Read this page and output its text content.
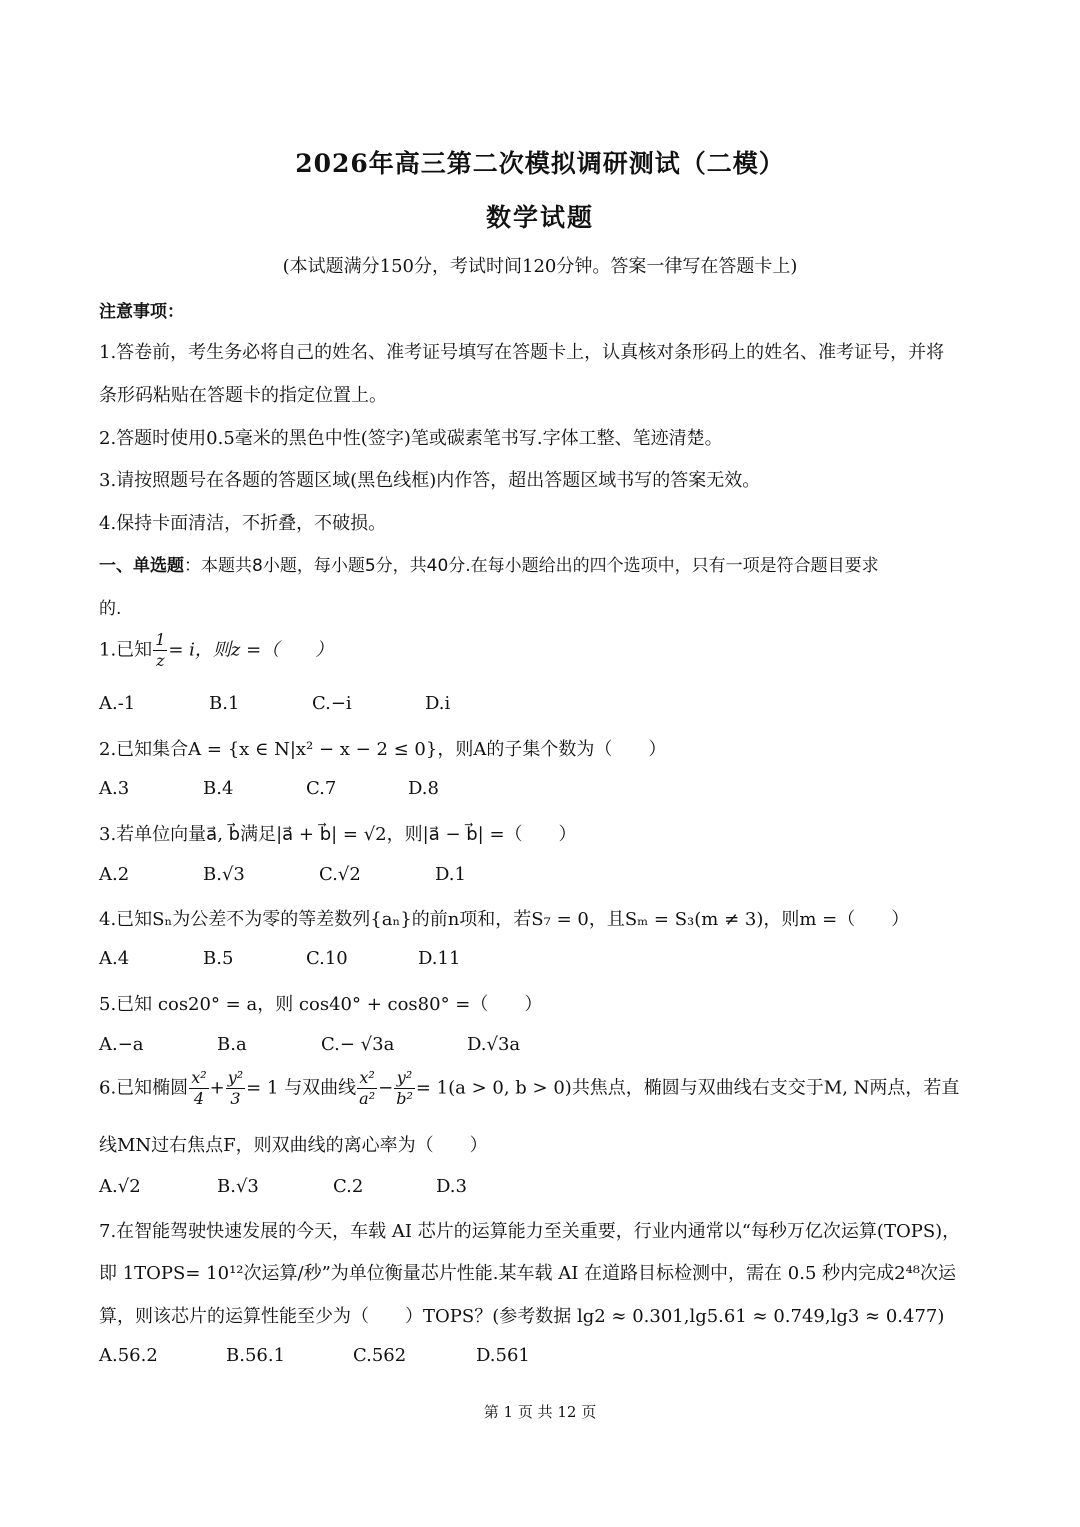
2026年高三第二次模拟调研测试（二模）
数学试题
(本试题满分150分，考试时间120分钟。答案一律写在答题卡上)
注意事项：
1.答卷前，考生务必将自己的姓名、准考证号填写在答题卡上，认真核对条形码上的姓名、准考证号，并将
条形码粘贴在答题卡的指定位置上。
2.答题时使用0.5毫米的黑色中性(签字)笔或碳素笔书写.字体工整、笔迹清楚。
3.请按照题号在各题的答题区域(黑色线框)内作答，超出答题区域书写的答案无效。
4.保持卡面清洁，不折叠，不破损。
一、单选题：本题共8小题，每小题5分，共40分.在每小题给出的四个选项中，只有一项是符合题目要求
的.
1.已知 $\frac{1}{z} = i$，则z =（　　）
A.-1	B.1	C.−i	D.i
2.已知集合A = {x ∈ N|x² − x − 2 ≤ 0}，则A的子集个数为（　　）
A.3	B.4	C.7	D.8
3.若单位向量a⃗, b⃗满足|a⃗ + b⃗| = √2，则|a⃗ − b⃗| =（　　）
A.2	B.√3	C.√2	D.1
4.已知Sₙ为公差不为零的等差数列{aₙ}的前n项和，若S₇ = 0，且Sₘ = S₃(m ≠ 3)，则m =（　　）
A.4	B.5	C.10	D.11
5.已知 cos20° = a，则 cos40° + cos80° =（　　）
A.−a	B.a	C.− √3a	D.√3a
6.已知椭圆 $\frac{\text{x²}}{4} + \frac{\text{y²}}{3} = 1$ 与双曲线 $\frac{\text{x²}}{\text{a²}} - \frac{\text{y²}}{\text{b²}} = 1(a > 0$, b > 0)共焦点，椭圆与双曲线右支交于M, N两点，若直
线MN过右焦点F，则双曲线的离心率为（　　）
A.√2	B.√3	C.2	D.3
7.在智能驾驶快速发展的今天，车载 AI 芯片的运算能力至关重要，行业内通常以“每秒万亿次运算(TOPS)，
即 1TOPS= 10¹²次运算/秒”为单位衡量芯片性能.某车载 AI 在道路目标检测中，需在 0.5 秒内完成2⁴⁸次运
算，则该芯片的运算性能至少为（　　）TOPS？(参考数据 lg2 ≈ 0.301,lg5.61 ≈ 0.749,lg3 ≈ 0.477)
A.56.2	B.56.1	C.562	D.561
第 1 页 共 12 页
